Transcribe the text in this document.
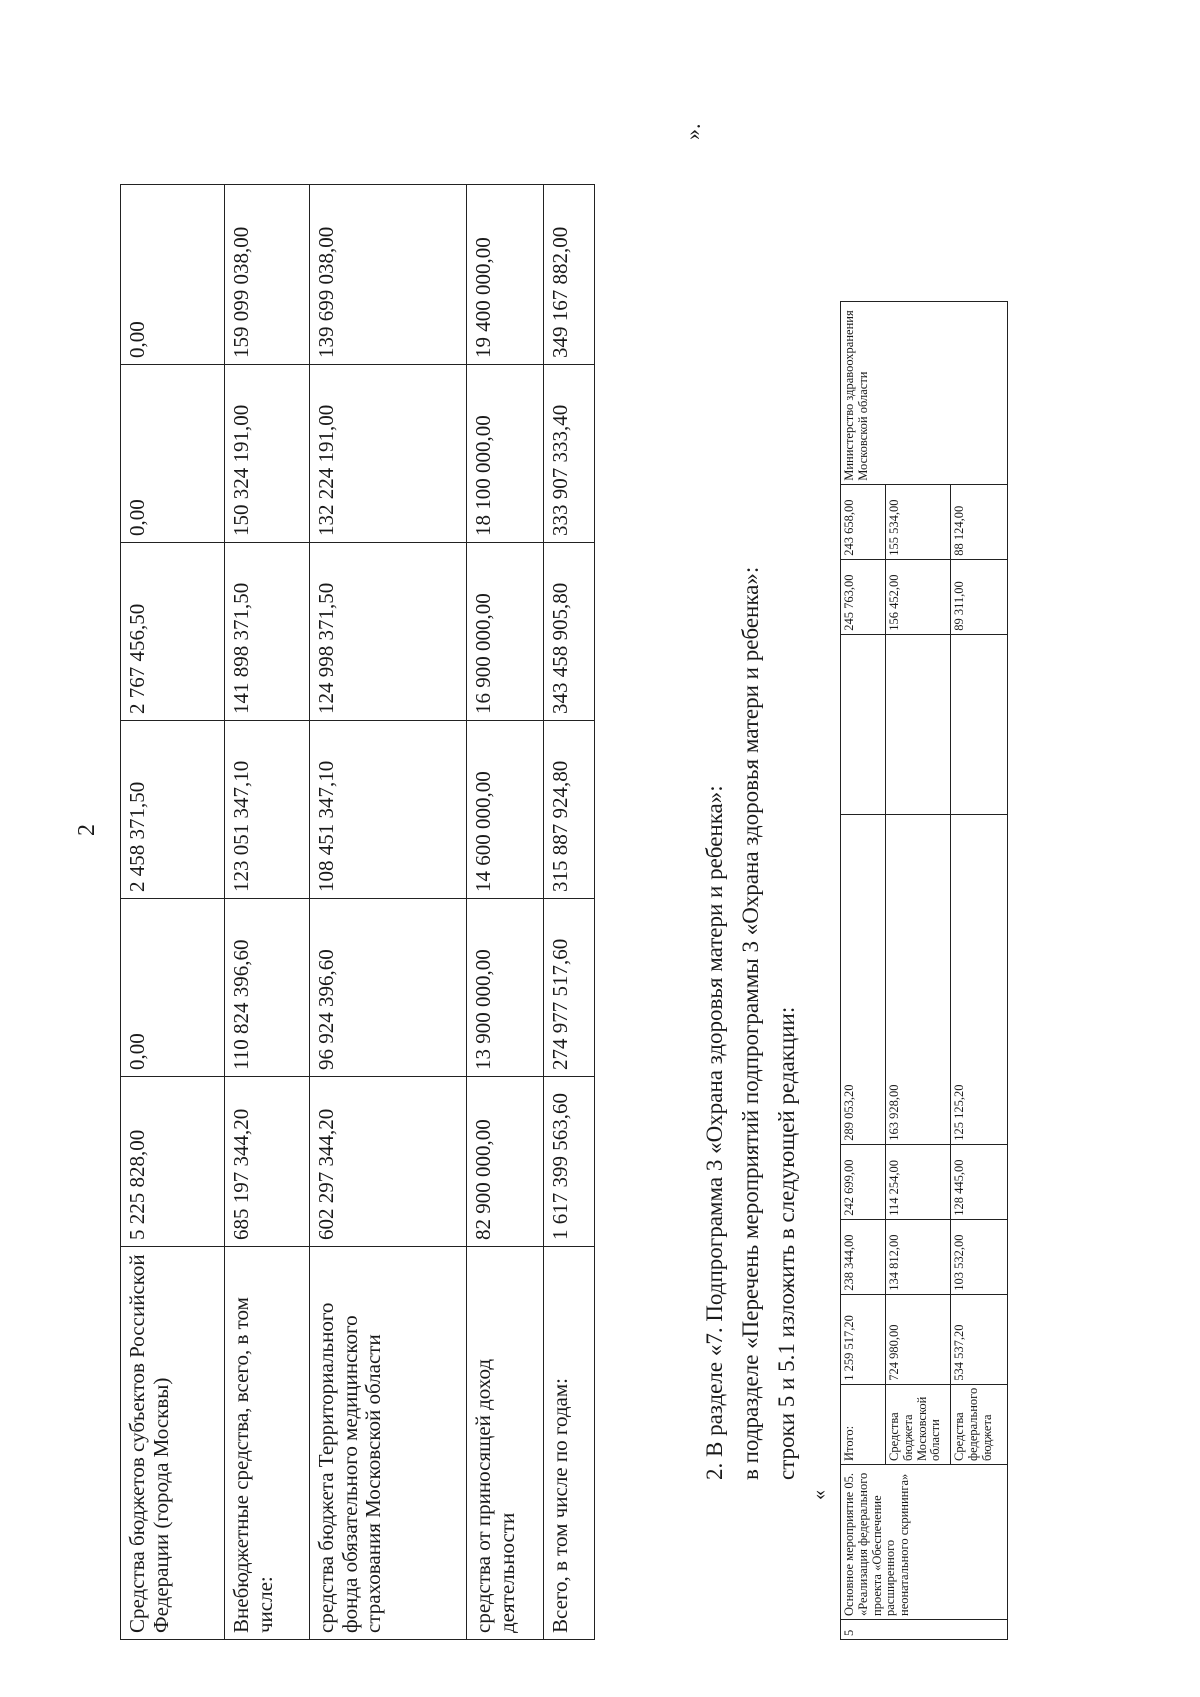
2
Средства бюджетов субъектов Российской Федерации (города Москвы)	5 225 828,00	0,00	2 458 371,50	2 767 456,50	0,00	0,00
Внебюджетные средства, всего, в том числе:	685 197 344,20	110 824 396,60	123 051 347,10	141 898 371,50	150 324 191,00	159 099 038,00
средства бюджета Территориального фонда обязательного медицинского страхования Московской области	602 297 344,20	96 924 396,60	108 451 347,10	124 998 371,50	132 224 191,00	139 699 038,00
средства от приносящей доход деятельности	82 900 000,00	13 900 000,00	14 600 000,00	16 900 000,00	18 100 000,00	19 400 000,00
Всего, в том числе по годам:	1 617 399 563,60	274 977 517,60	315 887 924,80	343 458 905,80	333 907 333,40	349 167 882,00
».
2. В разделе «7. Подпрограмма 3 «Охрана здоровья матери и ребенка»: в подразделе «Перечень мероприятий подпрограммы 3 «Охрана здоровья матери и ребенка»: строки 5 и 5.1 изложить в следующей редакции:
«
5	Основное мероприятие 05. «Реализация федерального проекта «Обеспечение расширенного неонатального скрининга»	Итого:	1 259 517,20	238 344,00	242 699,00	289 053,20		245 763,00	243 658,00	Министерство здравоохранения Московской области
		Средства бюджета Московской области	724 980,00	134 812,00	114 254,00	163 928,00		156 452,00	155 534,00	
		Средства федерального бюджета	534 537,20	103 532,00	128 445,00	125 125,20		89 311,00	88 124,00	
